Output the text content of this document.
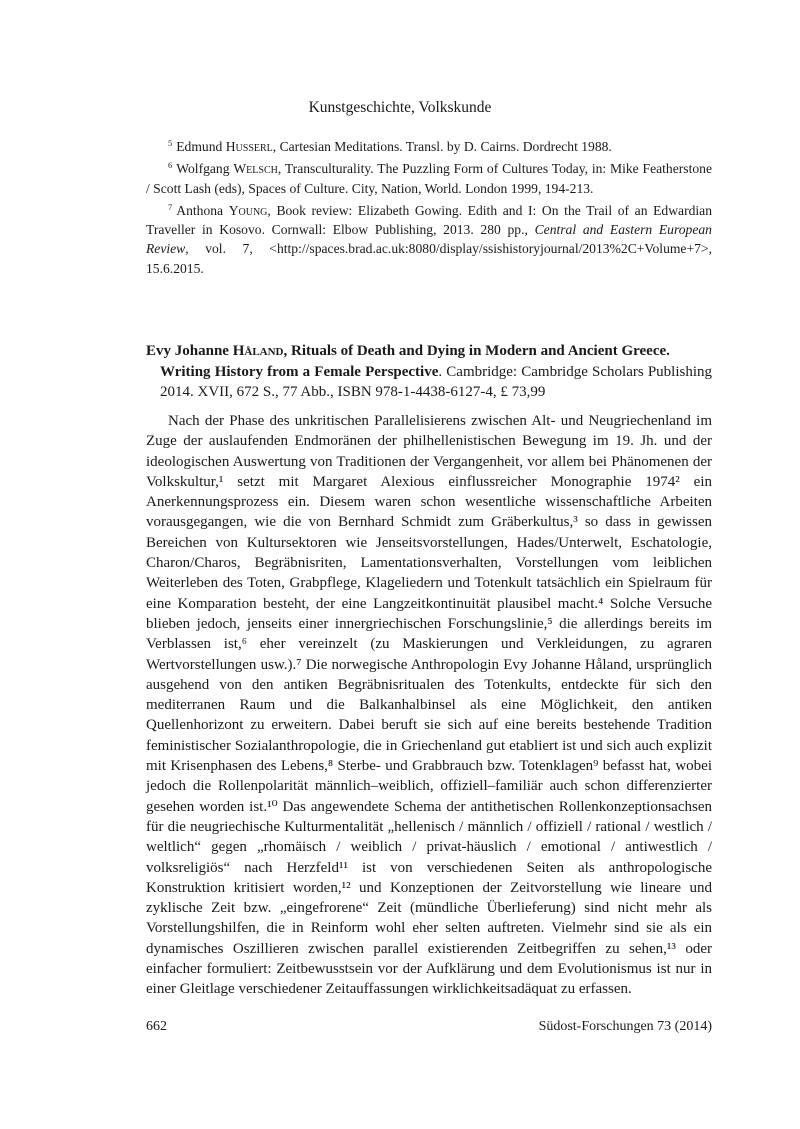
Kunstgeschichte, Volkskunde

$^5$ Edmund Husserl, Cartesian Meditations. Transl. by D. Cairns. Dordrecht 1988.

$^6$ Wolfgang Welsch, Transculturality. The Puzzling Form of Cultures Today, in: Mike Featherstone / Scott Lash (eds), Spaces of Culture. City, Nation, World. London 1999, 194-213.

$^7$ Anthona Young, Book review: Elizabeth Gowing. Edith and I: On the Trail of an Edwardian Traveller in Kosovo. Cornwall: Elbow Publishing, 2013. 280 pp., Central and Eastern European Review, vol. 7, <http://spaces.brad.ac.uk:8080/display/ssishistoryjournal/2013%2C+Volume+7>, 15.6.2015.

Evy Johanne Håland, Rituals of Death and Dying in Modern and Ancient Greece.
Writing History from a Female Perspective. Cambridge: Cambridge Scholars Publishing 2014. XVII, 672 S., 77 Abb., ISBN 978-1-4438-6127-4, £ 73,99

Nach der Phase des unkritischen Parallelisierens zwischen Alt- und Neugriechenland im Zuge der auslaufenden Endmoränen der philhellenistischen Bewegung im 19. Jh. und der ideologischen Auswertung von Traditionen der Vergangenheit, vor allem bei Phänomenen der Volkskultur,¹ setzt mit Margaret Alexious einflussreicher Monographie 1974² ein Anerkennungsprozess ein. Diesem waren schon wesentliche wissenschaftliche Arbeiten vorausgegangen, wie die von Bernhard Schmidt zum Gräberkultus,³ so dass in gewissen Bereichen von Kultursektoren wie Jenseitsvorstellungen, Hades/Unterwelt, Eschatologie, Charon/Charos, Begräbnisriten, Lamentationsverhalten, Vorstellungen vom leiblichen Weiterleben des Toten, Grabpflege, Klageliedern und Totenkult tatsächlich ein Spielraum für eine Komparation besteht, der eine Langzeitkontinuität plausibel macht.⁴ Solche Versuche blieben jedoch, jenseits einer innergriechischen Forschungslinie,⁵ die allerdings bereits im Verblassen ist,⁶ eher vereinzelt (zu Maskierungen und Verkleidungen, zu agraren Wertvorstellungen usw.).⁷ Die norwegische Anthropologin Evy Johanne Håland, ursprünglich ausgehend von den antiken Begräbnisritualen des Totenkults, entdeckte für sich den mediterranen Raum und die Balkanhalbinsel als eine Möglichkeit, den antiken Quellenhorizont zu erweitern. Dabei beruft sie sich auf eine bereits bestehende Tradition feministischer Sozialanthropologie, die in Griechenland gut etabliert ist und sich auch explizit mit Krisenphasen des Lebens,⁸ Sterbe- und Grabbrauch bzw. Totenklagen⁹ befasst hat, wobei jedoch die Rollenpolarität männlich–weiblich, offiziell–familiär auch schon differenzierter gesehen worden ist.¹⁰ Das angewendete Schema der antithetischen Rollenkonzeptionsachsen für die neugriechische Kulturmentalität „hellenisch / männlich / offiziell / rational / westlich / weltlich“ gegen „rhomäisch / weiblich / privat-häuslich / emotional / antiwestlich / volksreligiös“ nach Herzfeld¹¹ ist von verschiedenen Seiten als anthropologische Konstruktion kritisiert worden,¹² und Konzeptionen der Zeitvorstellung wie lineare und zyklische Zeit bzw. „eingefrorene“ Zeit (mündliche Überlieferung) sind nicht mehr als Vorstellungshilfen, die in Reinform wohl eher selten auftreten. Vielmehr sind sie als ein dynamisches Oszillieren zwischen parallel existierenden Zeitbegriffen zu sehen,¹³ oder einfacher formuliert: Zeitbewusstsein vor der Aufklärung und dem Evolutionismus ist nur in einer Gleitlage verschiedener Zeitauffassungen wirklichkeitsadäquat zu erfassen.

662	Südost-Forschungen 73 (2014)
